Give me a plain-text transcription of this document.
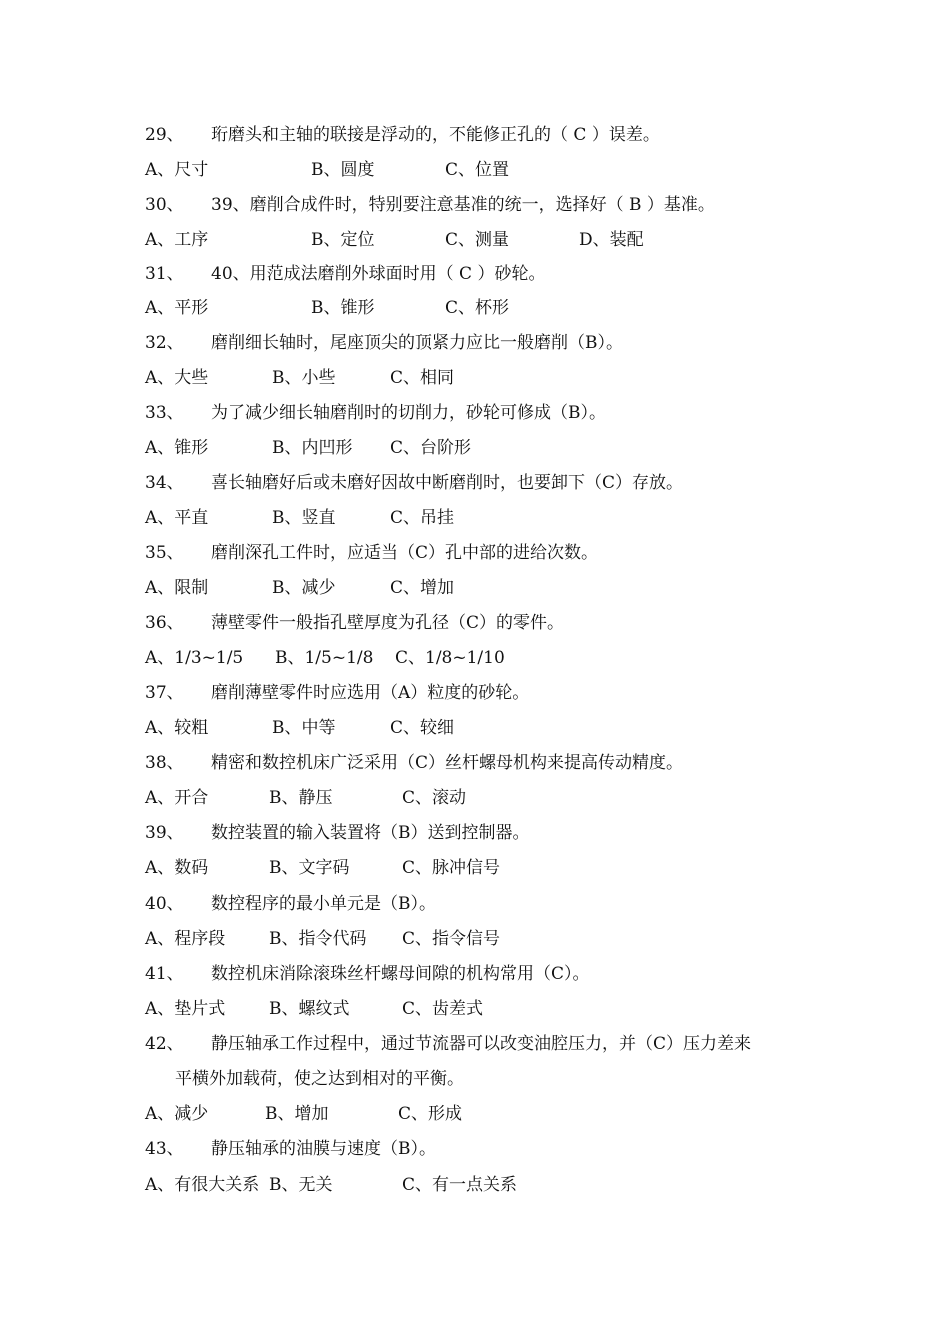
29、 珩磨头和主轴的联接是浮动的，不能修正孔的（ C ）误差。
A、尺寸	B、圆度	C、位置
30、 39、磨削合成件时，特别要注意基准的统一，选择好（ B ）基准。
A、工序	B、定位	C、测量	D、装配
31、 40、用范成法磨削外球面时用（ C ）砂轮。
A、平形	B、锥形	C、杯形
32、 磨削细长轴时，尾座顶尖的顶紧力应比一般磨削（B）。
A、大些	B、小些	C、相同
33、 为了减少细长轴磨削时的切削力，砂轮可修成（B）。
A、锥形	B、内凹形 C、台阶形
34、 喜长轴磨好后或未磨好因故中断磨削时，也要卸下（C）存放。
A、平直	B、竖直	C、吊挂
35、 磨削深孔工件时，应适当（C）孔中部的进给次数。
A、限制	B、减少	C、增加
36、 薄壁零件一般指孔壁厚度为孔径（C）的零件。
A、1/3~1/5 B、1/5~1/8 C、1/8~1/10
37、 磨削薄壁零件时应选用（A）粒度的砂轮。
A、较粗	B、中等	C、较细
38、 精密和数控机床广泛采用（C）丝杆螺母机构来提高传动精度。
A、开合	B、静压	C、滚动
39、 数控装置的输入装置将（B）送到控制器。
A、数码	B、文字码	C、脉冲信号
40、 数控程序的最小单元是（B）。
A、程序段	B、指令代码 C、指令信号
41、 数控机床消除滚珠丝杆螺母间隙的机构常用（C）。
A、垫片式	B、螺纹式	C、齿差式
42、 静压轴承工作过程中，通过节流器可以改变油腔压力，并（C）压力差来
平横外加载荷，使之达到相对的平衡。
A、减少	B、增加	C、形成
43、 静压轴承的油膜与速度（B）。
A、有很大关系 B、无关	C、有一点关系
